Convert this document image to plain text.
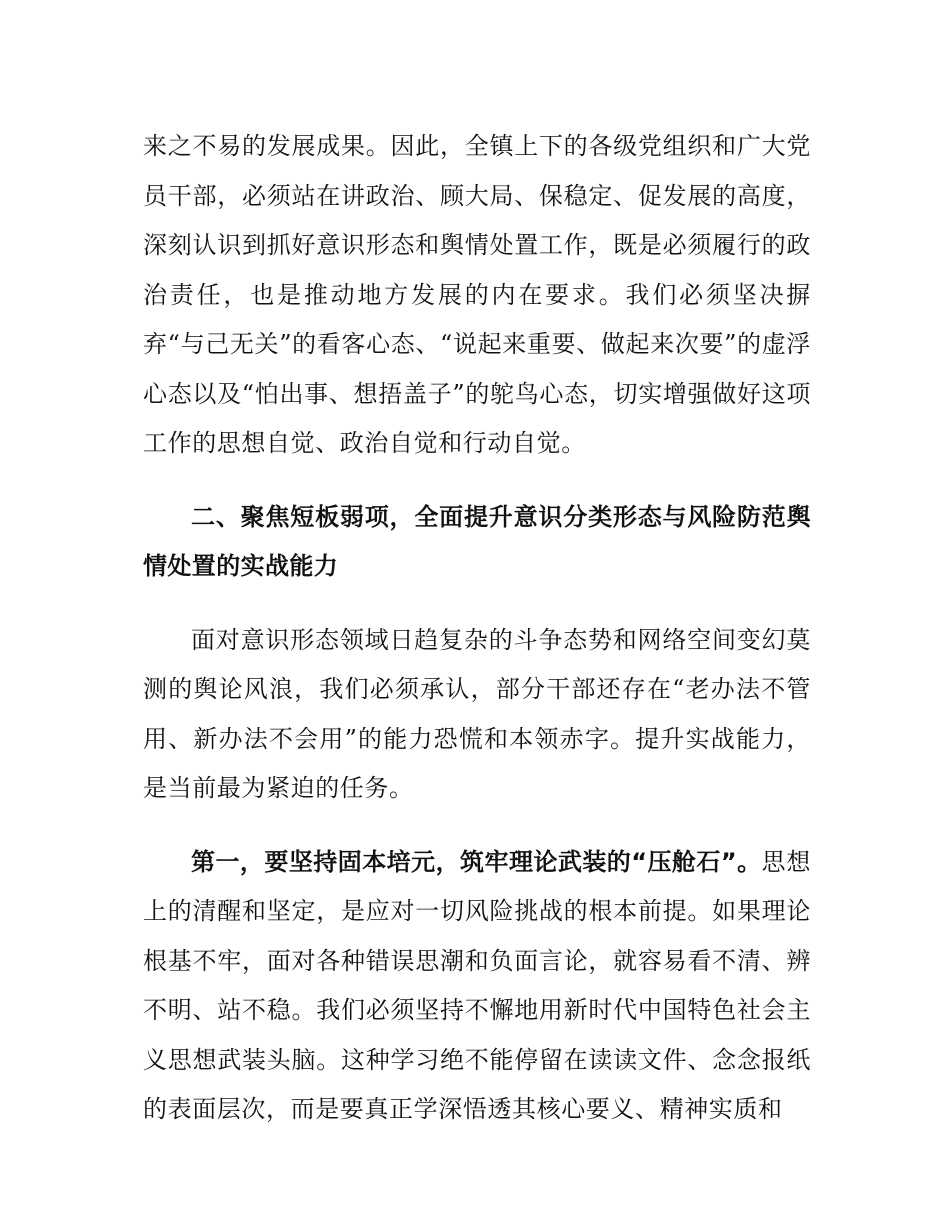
来之不易的发展成果。因此，全镇上下的各级党组织和广大党员干部，必须站在讲政治、顾大局、保稳定、促发展的高度，深刻认识到抓好意识形态和舆情处置工作，既是必须履行的政治责任，也是推动地方发展的内在要求。我们必须坚决摒弃“与己无关”的看客心态、“说起来重要、做起来次要”的虚浮心态以及“怕出事、想捂盖子”的鸵鸟心态，切实增强做好这项工作的思想自觉、政治自觉和行动自觉。

二、聚焦短板弱项，全面提升意识分类形态与风险防范舆情处置的实战能力

面对意识形态领域日趋复杂的斗争态势和网络空间变幻莫测的舆论风浪，我们必须承认，部分干部还存在“老办法不管用、新办法不会用”的能力恐慌和本领赤字。提升实战能力，是当前最为紧迫的任务。

第一，要坚持固本培元，筑牢理论武装的“压舱石”。思想上的清醒和坚定，是应对一切风险挑战的根本前提。如果理论根基不牢，面对各种错误思潮和负面言论，就容易看不清、辨不明、站不稳。我们必须坚持不懈地用新时代中国特色社会主义思想武装头脑。这种学习绝不能停留在读读文件、念念报纸的表面层次，而是要真正学深悟透其核心要义、精神实质和
